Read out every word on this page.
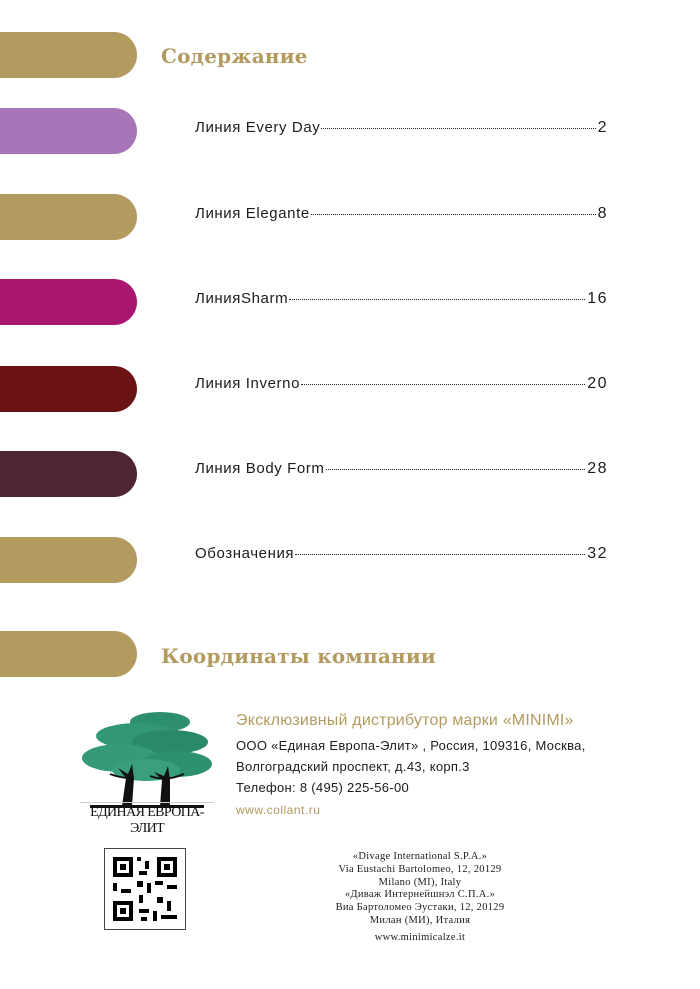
Содержание
Линия Every Day	2
Линия Elegante	8
ЛинияSharm	16
Линия Inverno	20
Линия Body Form	28
Обозначения	32
Координаты компании
ЕДИНАЯ ЕВРОПА-ЭЛИТ
Эксклюзивный дистрибутор марки «MINIMI»
ООО «Единая Европа-Элит» , Россия, 109316, Москва,
Волгоградский проспект, д.43, корп.3
Телефон: 8 (495) 225-56-00
www.collant.ru
«Divage International S.P.A.»
Via Eustachi Bartolomeo, 12, 20129
Milano (MI), Italy
«Диваж Интернейшнэл С.П.А.»
Виа Бартоломео Эустаки, 12, 20129
Милан (МИ), Италия
www.minimicalze.it
